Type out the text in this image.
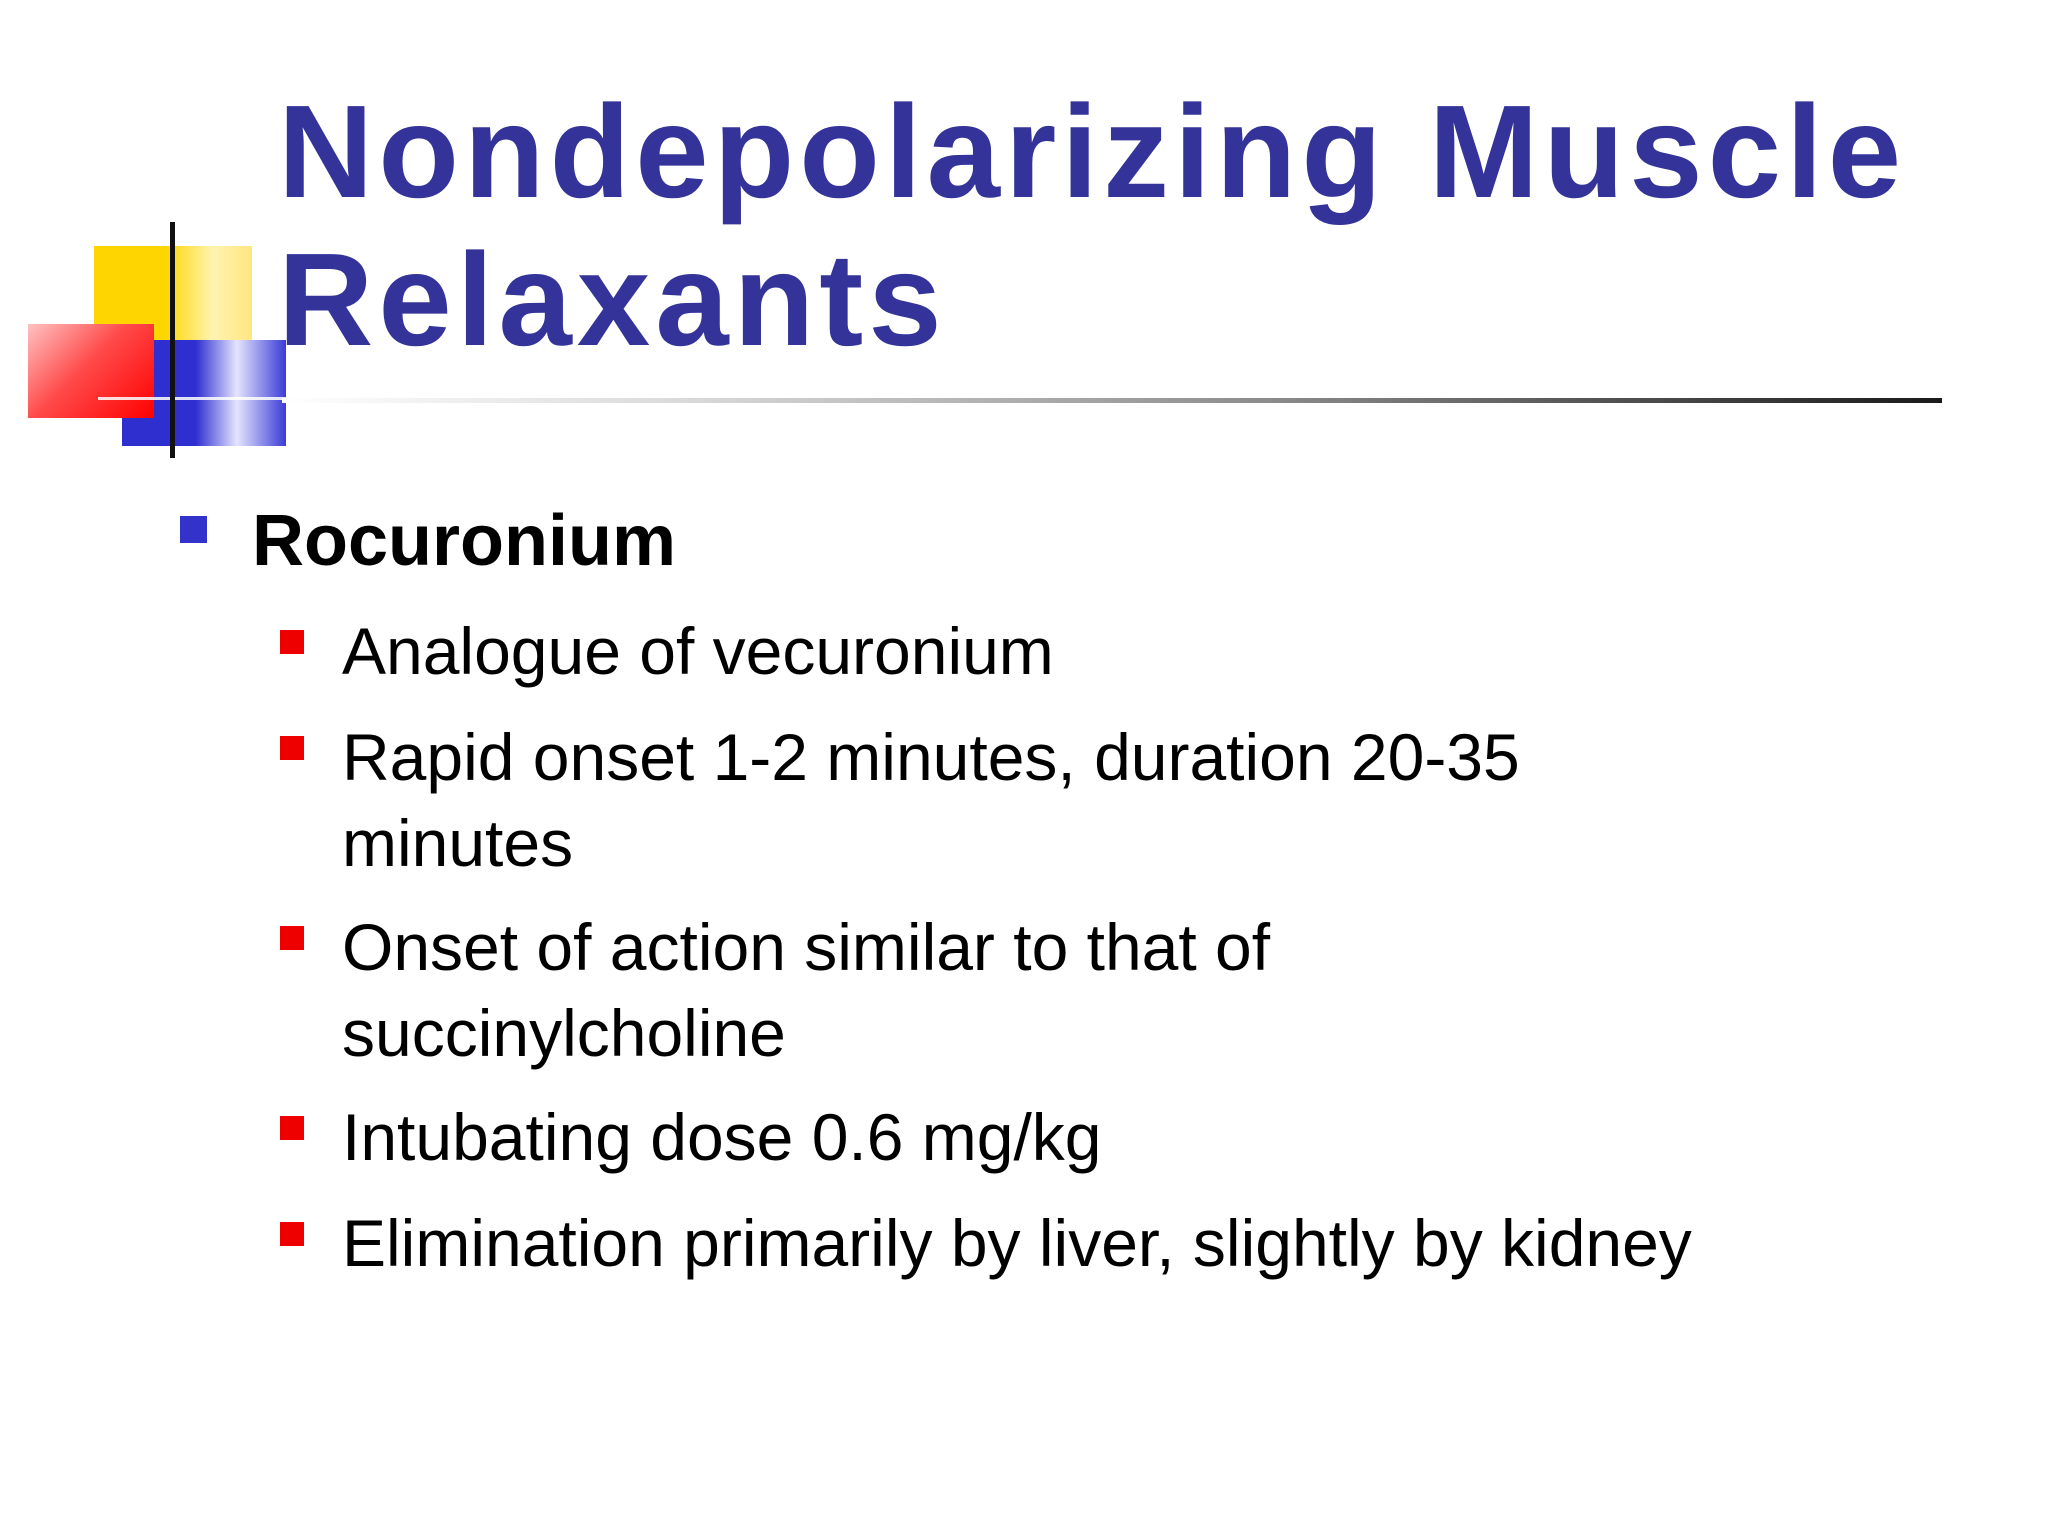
Nondepolarizing Muscle Relaxants
Rocuronium
Analogue of vecuronium
Rapid onset 1-2 minutes, duration 20-35
minutes
Onset of action similar to that of
succinylcholine
Intubating dose 0.6 mg/kg
Elimination primarily by liver, slightly by kidney
